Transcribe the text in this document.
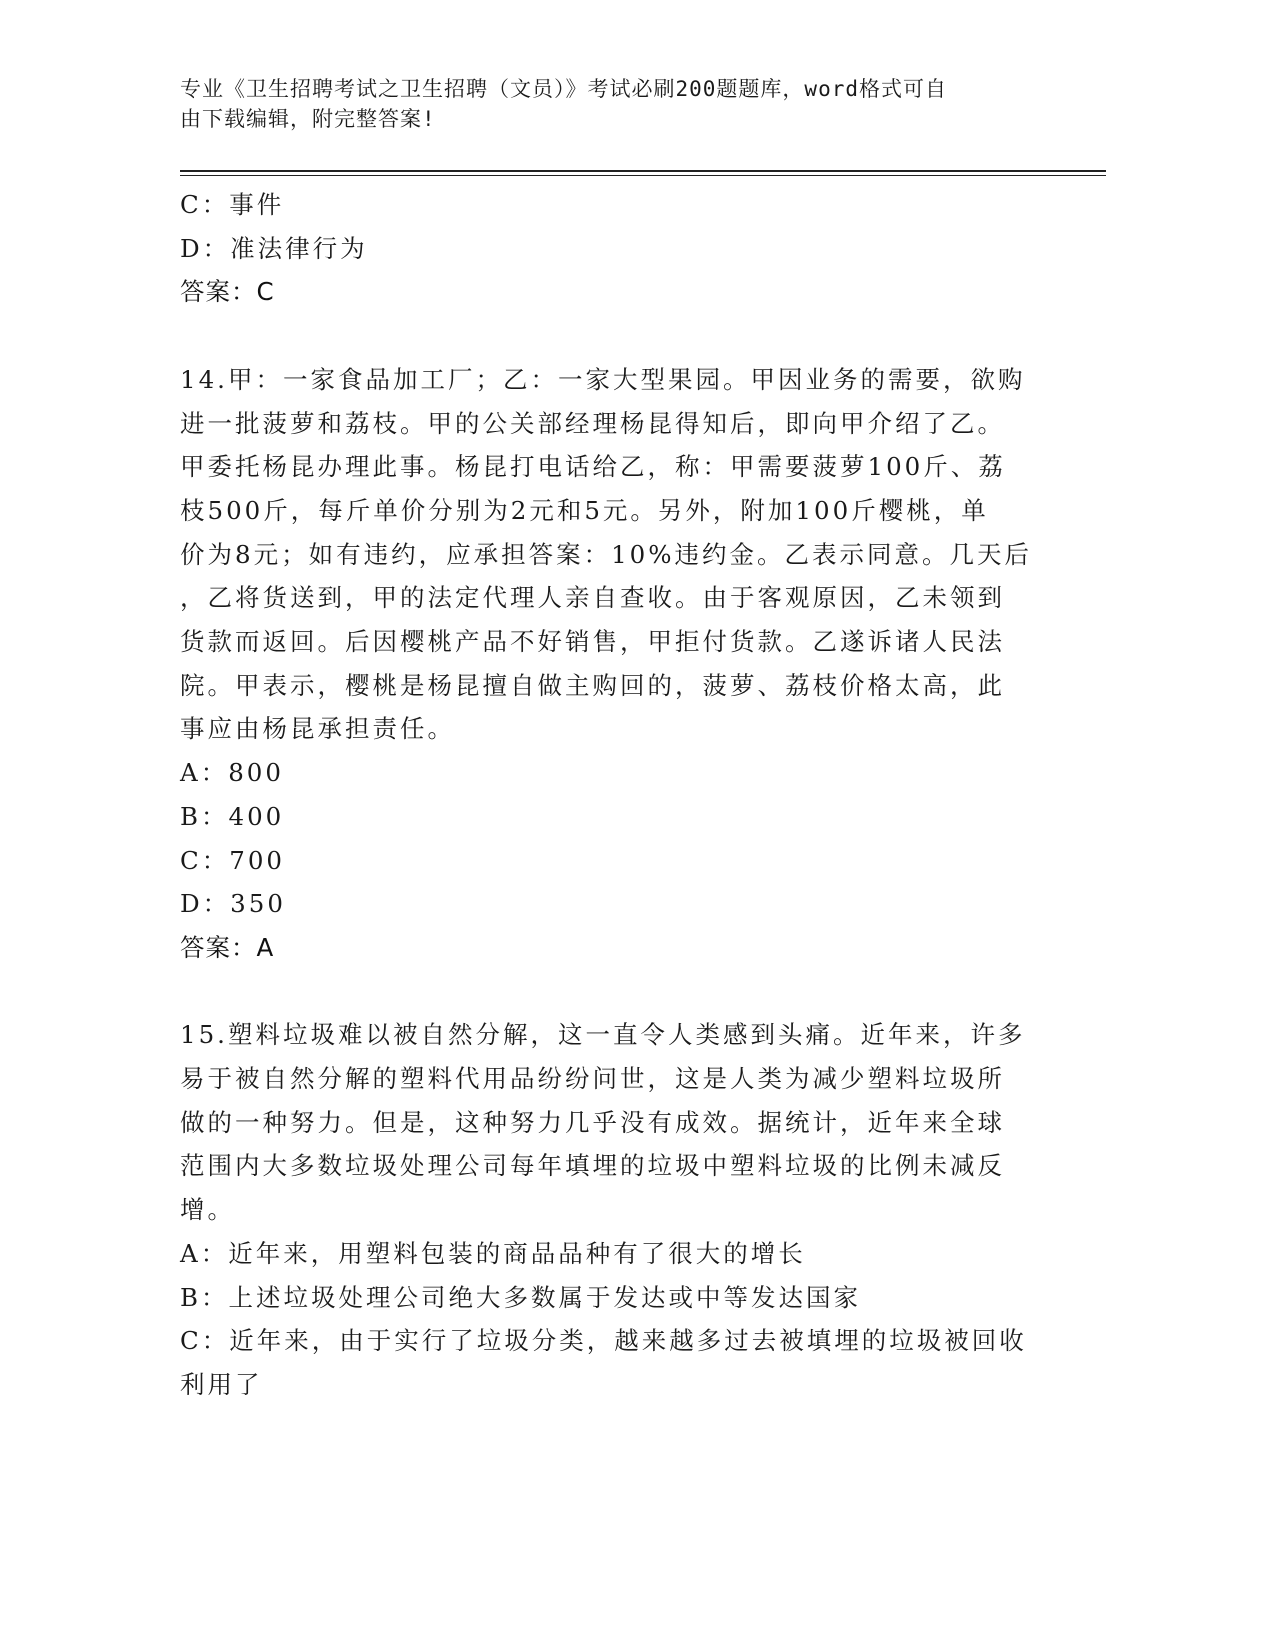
专业《卫生招聘考试之卫生招聘（文员）》考试必刷200题题库，word格式可自
由下载编辑，附完整答案!
C：事件
D：准法律行为
答案：C
14.甲：一家食品加工厂；乙：一家大型果园。甲因业务的需要，欲购
进一批菠萝和荔枝。甲的公关部经理杨昆得知后，即向甲介绍了乙。
甲委托杨昆办理此事。杨昆打电话给乙，称：甲需要菠萝100斤、荔
枝500斤，每斤单价分别为2元和5元。另外，附加100斤樱桃，单
价为8元；如有违约，应承担答案：10%违约金。乙表示同意。几天后
，乙将货送到，甲的法定代理人亲自查收。由于客观原因，乙未领到
货款而返回。后因樱桃产品不好销售，甲拒付货款。乙遂诉诸人民法
院。甲表示，樱桃是杨昆擅自做主购回的，菠萝、荔枝价格太高，此
事应由杨昆承担责任。
A：800
B：400
C：700
D：350
答案：A
15.塑料垃圾难以被自然分解，这一直令人类感到头痛。近年来，许多
易于被自然分解的塑料代用品纷纷问世，这是人类为减少塑料垃圾所
做的一种努力。但是，这种努力几乎没有成效。据统计，近年来全球
范围内大多数垃圾处理公司每年填埋的垃圾中塑料垃圾的比例未减反
增。
A：近年来，用塑料包装的商品品种有了很大的增长
B：上述垃圾处理公司绝大多数属于发达或中等发达国家
C：近年来，由于实行了垃圾分类，越来越多过去被填埋的垃圾被回收
利用了
